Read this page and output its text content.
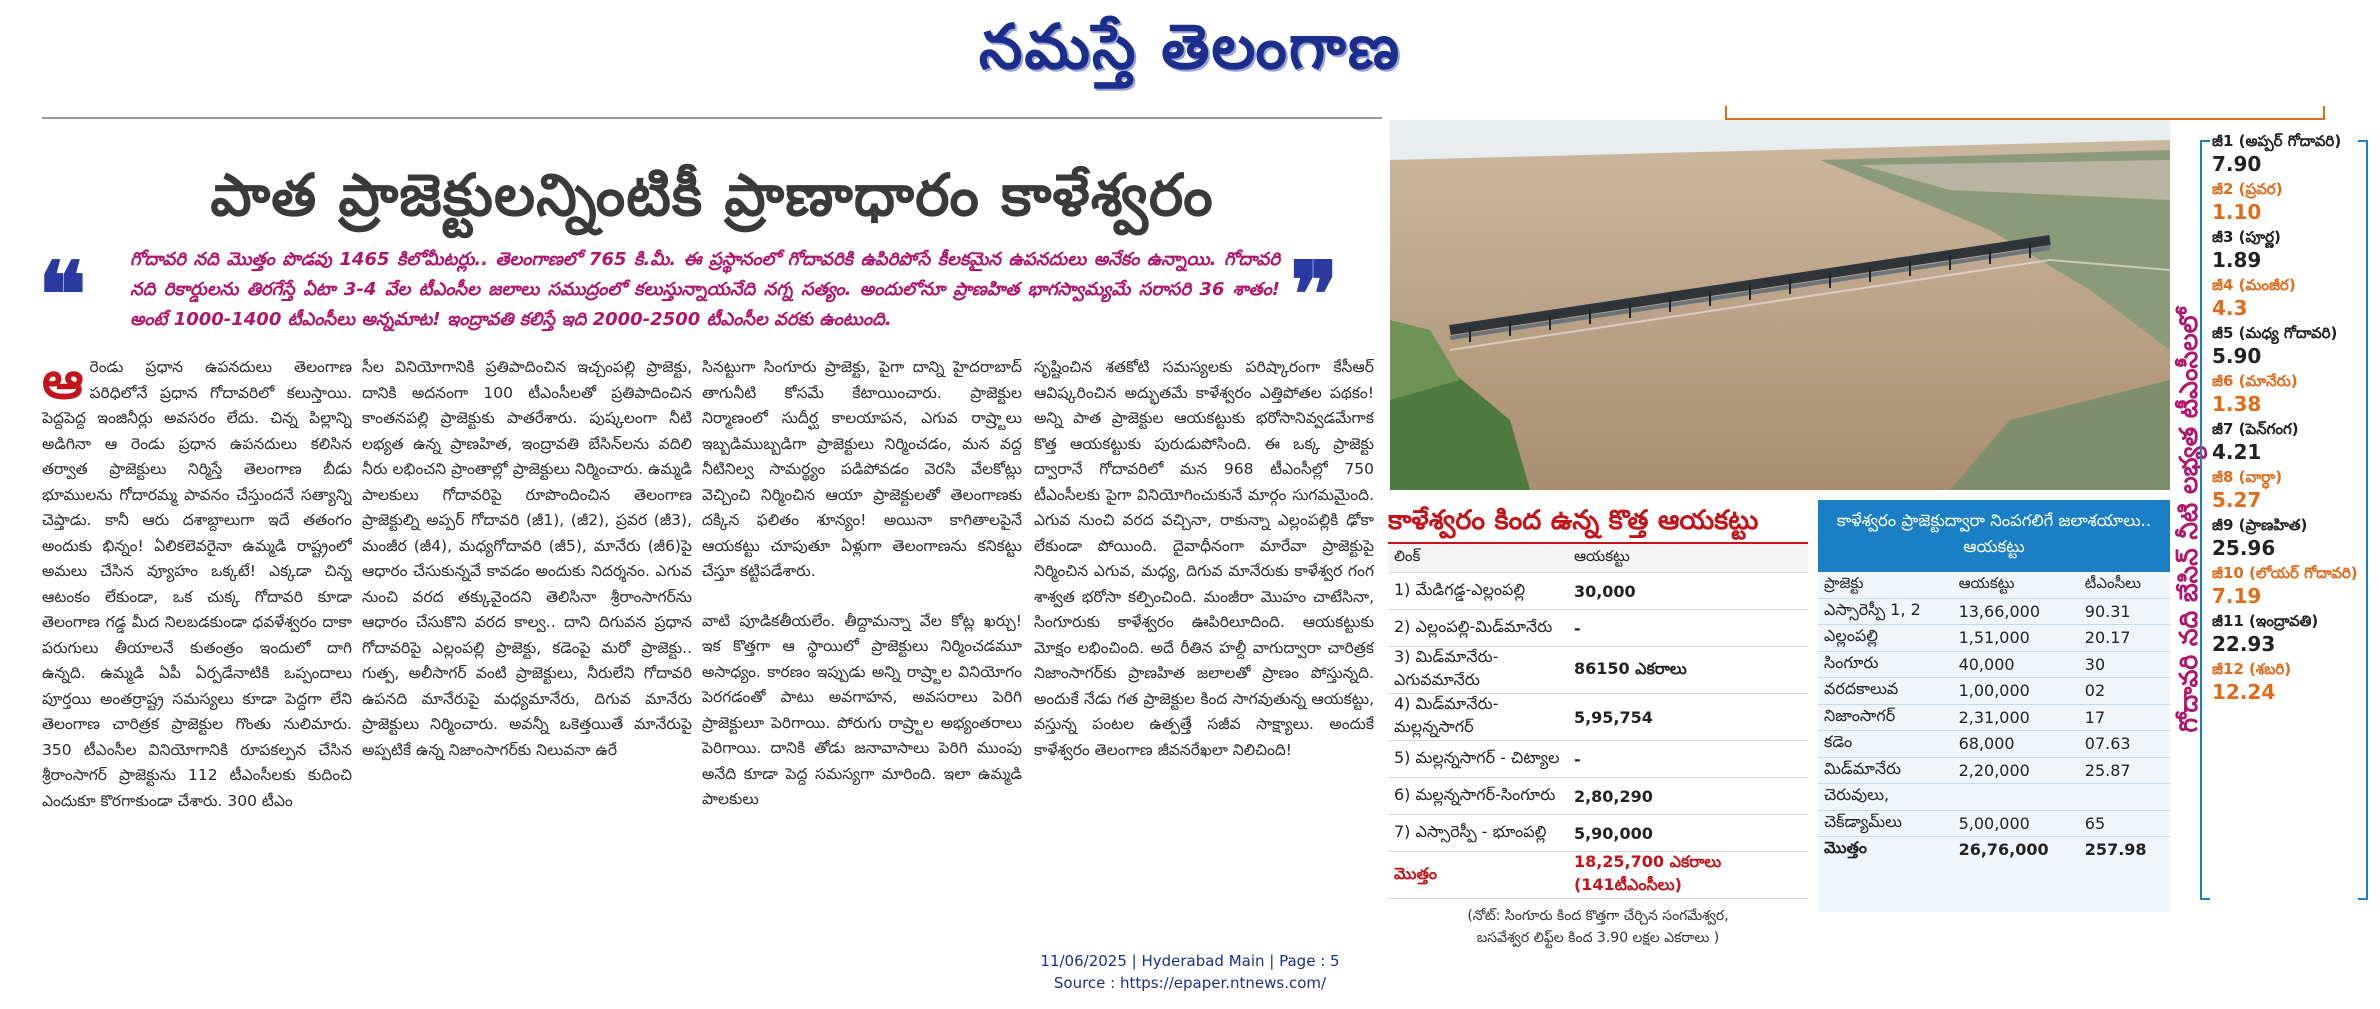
నమస్తే తెలంగాణ
పాత ప్రాజెక్టులన్నింటికీ ప్రాణాధారం కాళేశ్వరం
❝ గోదావరి నది మొత్తం పొడవు 1465 కిలోమీటర్లు.. తెలంగాణలో 765 కి.మీ. ఈ ప్రస్థానంలో గోదావరికి ఉపిరిపోసే కీలకమైన ఉపనదులు అనేకం ఉన్నాయి. గోదావరి నది రికార్డులను తిరగేస్తే ఏటా 3-4 వేల టీఎంసీల జలాలు సముద్రంలో కలుస్తున్నాయనేది నగ్న సత్యం. అందులోనూ ప్రాణహిత భాగస్వామ్యమే సరాసరి 36 శాతం! అంటే 1000-1400 టీఎంసీలు అన్నమాట! ఇంద్రావతి కలిస్తే ఇది 2000-2500 టీఎంసీల వరకు ఉంటుంది.	❞
ఆరెండు ప్రధాన ఉపనదులు తెలంగాణ పరిధిలోనే ప్రధాన గోదావరిలో కలుస్తాయి. పెద్దపెద్ద ఇంజినీర్లు అవసరం లేదు. చిన్న పిల్లాన్ని అడిగినా ఆ రెండు ప్రధాన ఉపనదులు కలిసిన తర్వాత ప్రాజెక్టులు నిర్మిస్తే తెలంగాణ బీడు భూములను గోదారమ్మ పావనం చేస్తుందనే సత్యాన్ని చెప్తాడు. కానీ ఆరు దశాబ్దాలుగా ఇదే తతంగం అందుకు భిన్నం! ఏలికలెవరైనా ఉమ్మడి రాష్ట్రంలో అమలు చేసిన వ్యూహం ఒక్కటే! ఎక్కడా చిన్న ఆటంకం లేకుండా, ఒక చుక్క గోదావరి కూడా తెలంగాణ గడ్డ మీద నిలబడకుండా ధవళేశ్వరం దాకా పరుగులు తీయాలనే కుతంత్రం ఇందులో దాగి ఉన్నది. ఉమ్మడి ఏపీ ఏర్పడేనాటికి ఒప్పందాలు పూర్తయి అంతర్రాష్ట్ర సమస్యలు కూడా పెద్దగా లేని తెలంగాణ చారిత్రక ప్రాజెక్టుల గొంతు నులిమారు. 350 టీఎంసీల వినియోగానికి రూపకల్పన చేసిన శ్రీరాంసాగర్ ప్రాజెక్టును 112 టీఎంసీలకు కుదించి ఎందుకూ కొరగాకుండా చేశారు. 300 టీఎం
సీల వినియోగానికి ప్రతిపాదించిన ఇచ్చంపల్లి ప్రాజెక్టు, దానికి అదనంగా 100 టీఎంసీలతో ప్రతిపాదించిన కాంతనపల్లి ప్రాజెక్టుకు పాతరేశారు. పుష్కలంగా నీటి లభ్యత ఉన్న ప్రాణహిత, ఇంద్రావతి బేసిన్‌లను వదిలి నీరు లభించని ప్రాంతాల్లో ప్రాజెక్టులు నిర్మించారు. ఉమ్మడి పాలకులు గోదావరిపై రూపొందించిన తెలంగాణ ప్రాజెక్టుల్ని అప్పర్ గోదావరి (జీ1), (జీ2), ప్రవర (జీ3), మంజీర (జీ4), మధ్యగోదావరి (జీ5), మానేరు (జీ6)పై ఆధారం చేసుకున్నవే కావడం అందుకు నిదర్శనం. ఎగువ నుంచి వరద తక్కువైందని తెలిసినా శ్రీరాంసాగర్‌ను ఆధారం చేసుకొని వరద కాల్వ.. దాని దిగువన ప్రధాన గోదావరిపై ఎల్లంపల్లి ప్రాజెక్టు, కడెంపై మరో ప్రాజెక్టు.. గుత్ప, అలీసాగర్ వంటి ప్రాజెక్టులు, నీరులేని గోదావరి ఉపనది మానేరుపై మధ్యమానేరు, దిగువ మానేరు ప్రాజెక్టులు నిర్మించారు. అవన్నీ ఒకెత్తయితే మానేరుపై అప్పటికే ఉన్న నిజాంసాగర్‌కు నిలువనా ఉరే
సినట్టుగా సింగూరు ప్రాజెక్టు, పైగా దాన్ని హైదరాబాద్ తాగునీటి కోసమే కేటాయించారు. ప్రాజెక్టుల నిర్మాణంలో సుదీర్ఘ కాలయాపన, ఎగువ రాష్ర్టాలు ఇబ్బడిముబ్బడిగా ప్రాజెక్టులు నిర్మించడం, మన వద్ద నీటినిల్వ సామర్థ్యం పడిపోవడం వెరసి వేలకోట్లు వెచ్చించి నిర్మించిన ఆయా ప్రాజెక్టులతో తెలంగాణకు దక్కిన ఫలితం శూన్యం! అయినా కాగితాలపైనే ఆయకట్టు చూపుతూ ఏళ్లుగా తెలంగాణను కనికట్టు చేస్తూ కట్టిపడేశారు.
వాటి పూడికతీయలేం. తీద్దామన్నా వేల కోట్ల ఖర్చు! ఇక కొత్తగా ఆ స్థాయిలో ప్రాజెక్టులు నిర్మించడమూ అసాధ్యం. కారణం ఇప్పుడు అన్ని రాష్ర్టాల వినియోగం పెరగడంతో పాటు అవగాహన, అవసరాలు పెరిగి ప్రాజెక్టులూ పెరిగాయి. పోరుగు రాష్ర్టాల అభ్యంతరాలు పెరిగాయి. దానికి తోడు జనావాసాలు పెరిగి ముంపు అనేది కూడా పెద్ద సమస్యగా మారింది. ఇలా ఉమ్మడి పాలకులు
సృష్టించిన శతకోటి సమస్యలకు పరిష్కారంగా కేసీఆర్ ఆవిష్కరించిన అద్భుతమే కాళేశ్వరం ఎత్తిపోతల పథకం! అన్ని పాత ప్రాజెక్టుల ఆయకట్టుకు భరోసానివ్వడమేగాక కొత్త ఆయకట్టుకు పురుడుపోసింది. ఈ ఒక్క ప్రాజెక్టు ద్వారానే గోదావరిలో మన 968 టీఎంసీల్లో 750 టీఎంసీలకు పైగా వినియోగించుకునే మార్గం సుగమమైంది. ఎగువ నుంచి వరద వచ్చినా, రాకున్నా ఎల్లంపల్లికి ఢోకా లేకుండా పోయింది. దైవాధీనంగా మారేవా ప్రాజెక్టుపై నిర్మించిన ఎగువ, మధ్య, దిగువ మానేరుకు కాళేశ్వర గంగ శాశ్వత భరోసా కల్పించింది. మంజీరా మొహం చాటేసినా, సింగూరుకు కాళేశ్వరం ఊపిరిలూదింది. ఆయకట్టుకు మోక్షం లభించింది. అదే రీతిన హల్దీ వాగుద్వారా చారిత్రక నిజాంసాగర్‌కు ప్రాణహిత జలాలతో ప్రాణం పోస్తున్నది. అందుకే నేడు గత ప్రాజెక్టుల కింద సాగవుతున్న ఆయకట్టు, వస్తున్న పంటల ఉత్పత్తే సజీవ సాక్ష్యాలు. అందుకే కాళేశ్వరం తెలంగాణ జీవనరేఖలా నిలిచింది!
కాళేశ్వరం కింద ఉన్న కొత్త ఆయకట్టు
లింక్	ఆయకట్టు
1) మేడిగడ్డ-ఎల్లంపల్లి	30,000
2) ఎల్లంపల్లి-మిడ్‌మానేరు	-
3) మిడ్‌మానేరు-ఎగువమానేరు	86150 ఎకరాలు
4) మిడ్‌మానేరు-మల్లన్నసాగర్	5,95,754
5) మల్లన్నసాగర్ - చిట్యాల	-
6) మల్లన్నసాగర్-సింగూరు	2,80,290
7) ఎస్సారెస్పీ - భూంపల్లి	5,90,000
మొత్తం	18,25,700 ఎకరాలు (141టీఎంసీలు)
(నోట్: సింగూరు కింద కొత్తగా చేర్చిన సంగమేశ్వర,
బసవేశ్వర లిఫ్ట్‌ల కింద 3.90 లక్షల ఎకరాలు )
కాళేశ్వరం ప్రాజెక్టుద్వారా నింపగలిగే జలాశయాలు.. ఆయకట్టు
ప్రాజెక్టు	ఆయకట్టు	టీఎంసీలు
ఎస్సారెస్పీ 1, 2	13,66,000	90.31
ఎల్లంపల్లి	1,51,000	20.17
సింగూరు	40,000	30
వరదకాలువ	1,00,000	02
నిజాంసాగర్	2,31,000	17
కడెం	68,000	07.63
మిడ్‌మానేరు	2,20,000	25.87
చెరువులు,		
చెక్‌డ్యామ్‌లు	5,00,000	65
మొత్తం	26,76,000	257.98
గోదావరి నది బేసిన్ నీటి లభ్యత టీఎంసీలలో
జీ1 (అప్పర్ గోదావరి)
7.90
జీ2 (ప్రవర)
1.10
జీ3 (పూర్ణ)
1.89
జీ4 (మంజీర)
4.3
జీ5 (మధ్య గోదావరి)
5.90
జీ6 (మానేరు)
1.38
జీ7 (పెన్‌గంగ)
4.21
జీ8 (వార్ధా)
5.27
జీ9 (ప్రాణహిత)
25.96
జీ10 (లోయర్ గోదావరి)
7.19
జీ11 (ఇంద్రావతి)
22.93
జీ12 (శబరి)
12.24
11/06/2025 | Hyderabad Main | Page : 5
Source : https://epaper.ntnews.com/
